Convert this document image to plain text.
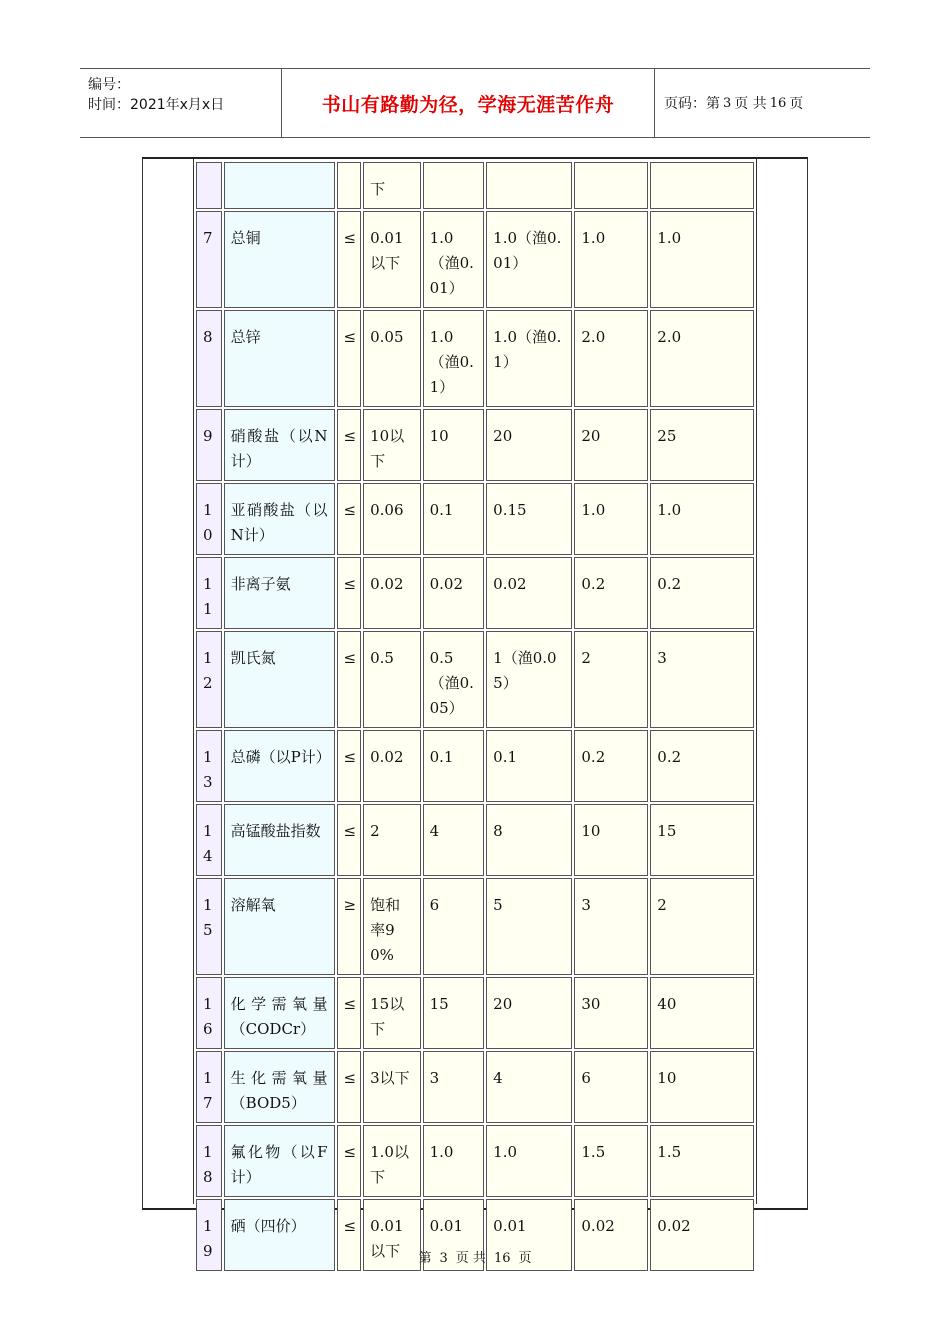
编号：
时间：2021年x月x日	书山有路勤为径，学海无涯苦作舟	页码：第 3 页 共 16 页
			下				
7	总铜	≤	0.01以下	1.0（渔0.01）	1.0（渔0.01）	1.0	1.0
8	总锌	≤	0.05	1.0（渔0.1）	1.0（渔0.1）	2.0	2.0
9	硝酸盐（以N计）	≤	10以下	10	20	20	25
10	亚硝酸盐（以N计）	≤	0.06	0.1	0.15	1.0	1.0
11	非离子氨	≤	0.02	0.02	0.02	0.2	0.2
12	凯氏氮	≤	0.5	0.5（渔0.05）	1（渔0.05）	2	3
13	总磷（以P计）	≤	0.02	0.1	0.1	0.2	0.2
14	高锰酸盐指数	≤	2	4	8	10	15
15	溶解氧	≥	饱和率90%	6	5	3	2
16	化学需氧量（CODCr）	≤	15以下	15	20	30	40
17	生化需氧量（BOD5）	≤	3以下	3	4	6	10
18	氟化物（以F计）	≤	1.0以下	1.0	1.0	1.5	1.5
19	硒（四价）	≤	0.01以下	0.01	0.01	0.02	0.02
第 3 页 共 16 页
